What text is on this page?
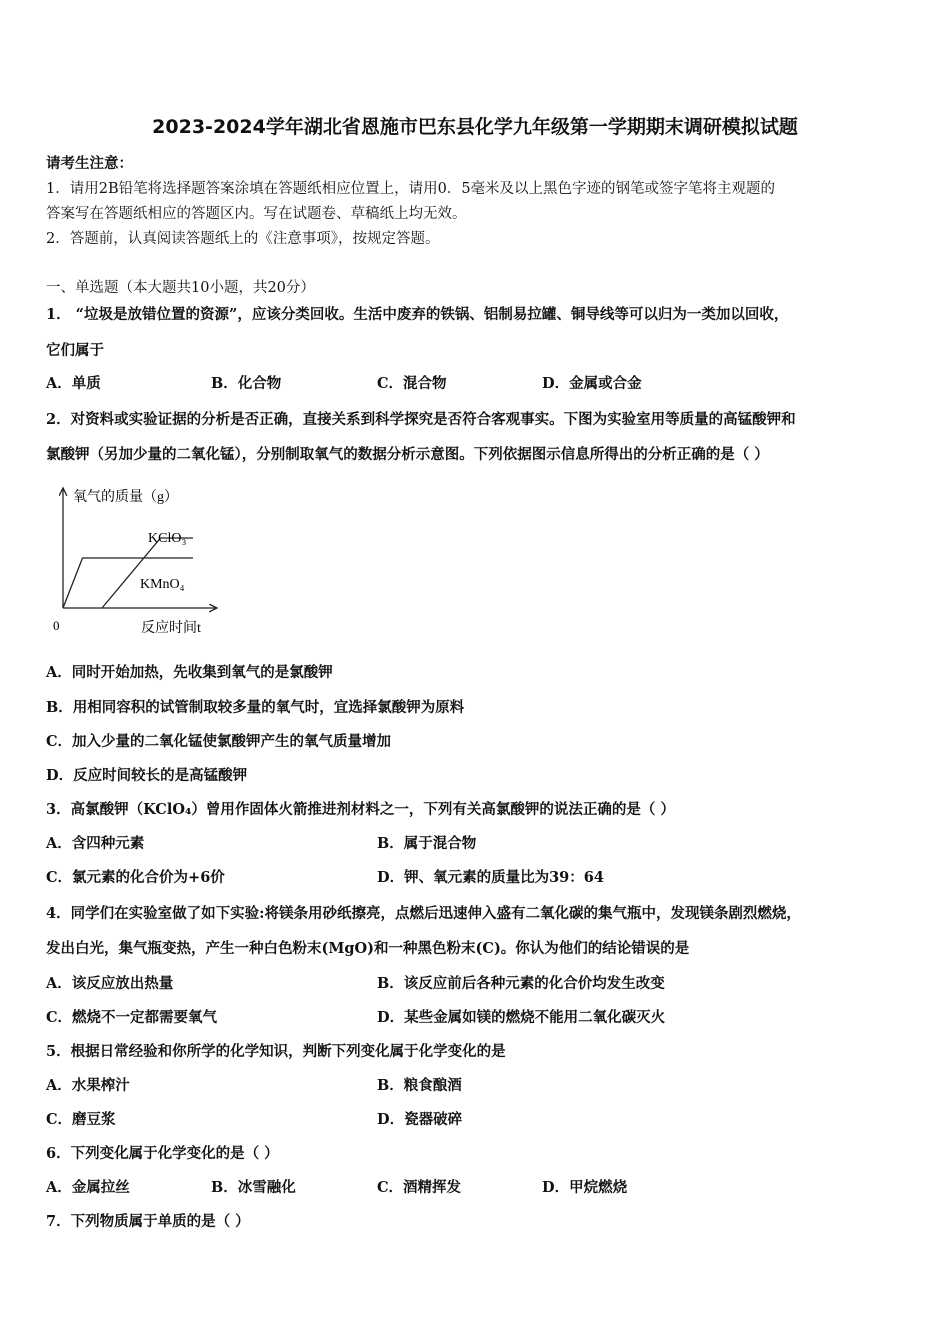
2023-2024学年湖北省恩施市巴东县化学九年级第一学期期末调研模拟试题
请考生注意：
1．请用2B铅笔将选择题答案涂填在答题纸相应位置上，请用0．5毫米及以上黑色字迹的钢笔或签字笔将主观题的
答案写在答题纸相应的答题区内。写在试题卷、草稿纸上均无效。
2．答题前，认真阅读答题纸上的《注意事项》，按规定答题。
一、单选题（本大题共10小题，共20分）
1． “垃圾是放错位置的资源”，应该分类回收。生活中废弃的铁锅、铝制易拉罐、铜导线等可以归为一类加以回收，
它们属于
A．单质	B．化合物	C．混合物	D．金属或合金
2．对资料或实验证据的分析是否正确，直接关系到科学探究是否符合客观事实。下图为实验室用等质量的高锰酸钾和
氯酸钾（另加少量的二氧化锰），分别制取氧气的数据分析示意图。下列依据图示信息所得出的分析正确的是（ ）
氧气的质量（g）
反应时间t
0
KClO₃
KMnO₄
A．同时开始加热，先收集到氧气的是氯酸钾
B．用相同容积的试管制取较多量的氧气时，宜选择氯酸钾为原料
C．加入少量的二氧化锰使氯酸钾产生的氧气质量增加
D．反应时间较长的是高锰酸钾
3．高氯酸钾（KClO₄）曾用作固体火箭推进剂材料之一，下列有关高氯酸钾的说法正确的是（ ）
A．含四种元素	B．属于混合物
C．氯元素的化合价为+6价	D．钾、氧元素的质量比为39：64
4．同学们在实验室做了如下实验:将镁条用砂纸擦亮，点燃后迅速伸入盛有二氧化碳的集气瓶中，发现镁条剧烈燃烧，
发出白光，集气瓶变热，产生一种白色粉末(MgO)和一种黑色粉末(C)。你认为他们的结论错误的是
A．该反应放出热量	B．该反应前后各种元素的化合价均发生改变
C．燃烧不一定都需要氧气	D．某些金属如镁的燃烧不能用二氧化碳灭火
5．根据日常经验和你所学的化学知识，判断下列变化属于化学变化的是
A．水果榨汁	B．粮食酿酒
C．磨豆浆	D．瓷器破碎
6．下列变化属于化学变化的是（ ）
A．金属拉丝	B．冰雪融化	C．酒精挥发	D．甲烷燃烧
7．下列物质属于单质的是（ ）
